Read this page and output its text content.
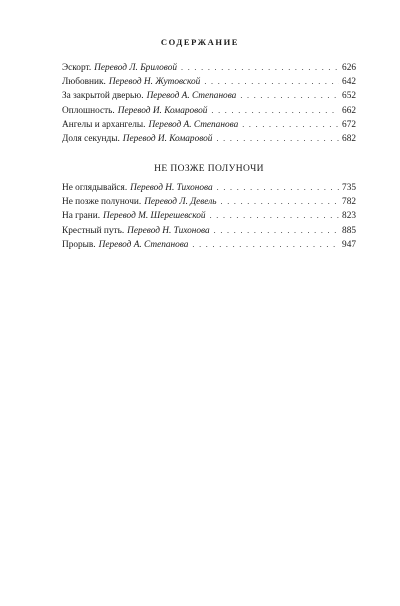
СОДЕРЖАНИЕ
Эскорт. Перевод Л. Бриловой . . .	626
Любовник. Перевод Н. Жутовской . . .	642
За закрытой дверью. Перевод А. Степанова . . .	652
Оплошность. Перевод И. Комаровой . . .	662
Ангелы и архангелы. Перевод А. Степанова . . .	672
Доля секунды. Перевод И. Комаровой . . .	682
НЕ ПОЗЖЕ ПОЛУНОЧИ
Не оглядывайся. Перевод Н. Тихонова . . .	735
Не позже полуночи. Перевод Л. Девель . . .	782
На грани. Перевод М. Шерешевской . . .	823
Крестный путь. Перевод Н. Тихонова . . .	885
Прорыв. Перевод А. Степанова . . .	947
